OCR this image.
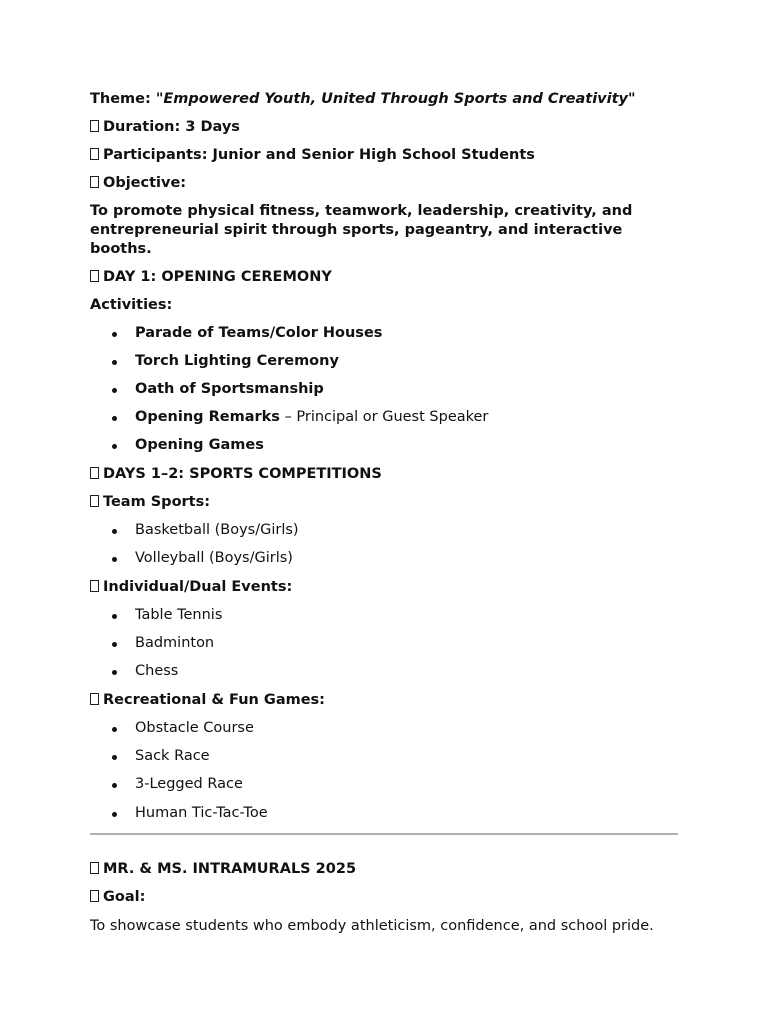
Theme: "Empowered Youth, United Through Sports and Creativity"

Duration: 3 Days

Participants: Junior and Senior High School Students

Objective:

To promote physical fitness, teamwork, leadership, creativity, and entrepreneurial spirit through sports, pageantry, and interactive booths.

DAY 1: OPENING CEREMONY

Activities:

Parade of Teams/Color Houses
Torch Lighting Ceremony
Oath of Sportsmanship
Opening Remarks – Principal or Guest Speaker
Opening Games

DAYS 1–2: SPORTS COMPETITIONS

Team Sports:

Basketball (Boys/Girls)
Volleyball (Boys/Girls)

Individual/Dual Events:

Table Tennis
Badminton
Chess

Recreational & Fun Games:

Obstacle Course
Sack Race
3-Legged Race
Human Tic-Tac-Toe

MR. & MS. INTRAMURALS 2025

Goal:

To showcase students who embody athleticism, confidence, and school pride.
